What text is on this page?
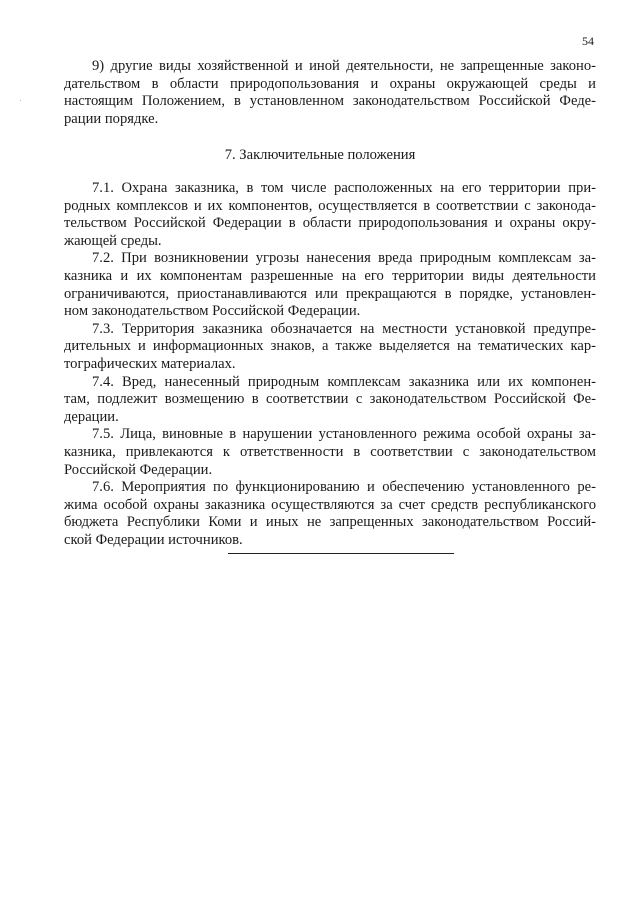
54
9) другие виды хозяйственной и иной деятельности, не запрещенные законо-
дательством в области природопользования и охраны окружающей среды и
настоящим Положением, в установленном законодательством Российской Феде-
рации порядке.
7. Заключительные положения
7.1. Охрана заказника, в том числе расположенных на его территории при-
родных комплексов и их компонентов, осуществляется в соответствии с законода-
тельством Российской Федерации в области природопользования и охраны окру-
жающей среды.
7.2. При возникновении угрозы нанесения вреда природным комплексам за-
казника и их компонентам разрешенные на его территории виды деятельности
ограничиваются, приостанавливаются или прекращаются в порядке, установлен-
ном законодательством Российской Федерации.
7.3. Территория заказника обозначается на местности установкой предупре-
дительных и информационных знаков, а также выделяется на тематических кар-
тографических материалах.
7.4. Вред, нанесенный природным комплексам заказника или их компонен-
там, подлежит возмещению в соответствии с законодательством Российской Фе-
дерации.
7.5. Лица, виновные в нарушении установленного режима особой охраны за-
казника, привлекаются к ответственности в соответствии с законодательством
Российской Федерации.
7.6. Мероприятия по функционированию и обеспечению установленного ре-
жима особой охраны заказника осуществляются за счет средств республиканского
бюджета Республики Коми и иных не запрещенных законодательством Россий-
ской Федерации источников.
